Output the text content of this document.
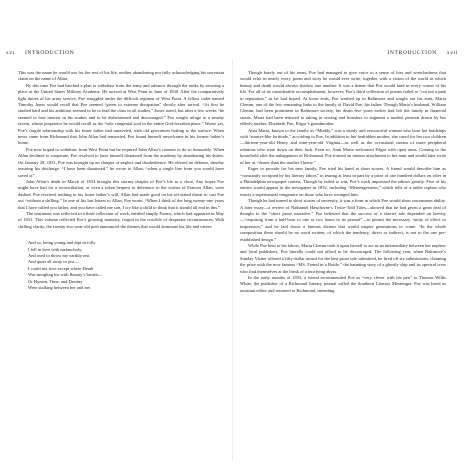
xvi INTRODUCTION

This was the name he would use for the rest of his life, neither abandoning nor fully acknowledging his uncertain claim on the name of Allan.

By this time Poe had hatched a plan to withdraw from the army and advance through the ranks by securing a place at the United States Military Academy. He arrived at West Point in June of 1830. After the comparatively light duties of his army service, Poe struggled under the difficult regimen of West Point. A fellow cadet named Timothy Jones would recall that Poe seemed “given to extreme dissipation” shortly after arrival. “At first he studied hard and his ambition seemed to be to lead the class in all studies,” Jones noted, but after a few weeks “he seemed to lose interest in his studies and to be disheartened and discouraged.” Poe sought refuge in a nearby tavern, whose proprietor he would recall as the “sole congenial soul in the entire God-forsaken place.” Worse yet, Poe’s fragile relationship with his foster father had unraveled, with old grievances boiling to the surface. When news came from Richmond that John Allan had remarried, Poe found himself unwelcome in his former father’s home.

Poe now hoped to withdraw from West Point but he required John Allan’s consent to do so honorably. When Allan declined to cooperate, Poe resolved to have himself dismissed from the academy by abandoning his duties. On January 28, 1831, Poe was brought up on charges of neglect and disobedience. He offered no defense, thereby assuring his discharge. “I have been dismissed,” he wrote to Allan, “when a single line from you would have saved it.”

John Allan’s death in March of 1834 brought this stormy chapter of Poe’s life to a close. Any hopes Poe might have had for a reconciliation, or even a token bequest in deference to the wishes of Frances Allan, were dashed. Poe received nothing in his foster father’s will. Allan had made good on his oft-stated threat to cast Poe out “without a shilling.” In one of his last letters to Allan, Poe wrote, “When I think of the long twenty-one years that I have called you father, and you have called me son, I cry like a child to think that it should all end in this.”

The sentiment was reflected in a third collection of work, entitled simply Poems, which had appeared in May of 1831. This volume reflected Poe’s growing maturity, forged in the crucible of desperate circumstances. With chilling clarity, the twenty-two-year-old poet announced the themes that would dominate his life and career:

And so, being young and dipt in folly
I fell in love with melancholy,
And used to throw my earthly rest
And quiet all away in jest—
I could not love except where Death
Was mingling his with Beauty’s breath—
Or Hymen, Time, and Destiny
Were stalking between her and me.
INTRODUCTION xvii

Though barely out of his teens, Poe had managed to give voice to a sense of loss and wretchedness that would echo in nearly every poem and story he would ever write, together with a vision of the world in which beauty and death would always shadow one another. It was a theme that Poe would land in every corner of his life. For all of its considerable accomplishment, however, Poe’s third collection of poems failed to “cut out a path to reputation,” as he had hoped. At loose ends, Poe washed up in Baltimore and sought out his aunt, Maria Clemm, one of the few remaining links to the family of David Poe, his father. Though Maria’s husband, William Clemm, had been prominent in Baltimore society, his death five years earlier had left the family in financial straits. Maria had been reduced to taking in sewing and boarders to augment a modest pension drawn by her elderly mother, Elizabeth Poe, Edgar’s grandmother.

Aunt Maria, known to the family as “Muddy,” was a sturdy and resourceful woman who bore her hardships with “martyr-like fortitude,” according to Poe. In addition to her bedridden mother, she cared for her two children—thirteen-year-old Henry and nine-year-old Virginia—as well as the occasional stream of more peripheral relations who were down on their luck. Even so, Aunt Maria welcomed Edgar with open arms. Coming to the household after the unhappiness of Richmond, Poe formed an intense attachment to her aunt and would later write of her as “dearer than the mother I knew.”

Eager to provide for his new family, Poe tried his hand at short stories. A friend would describe him as “constantly occupied by his literary labors” in tearing at least in part by a prize of one hundred dollars on offer in a Philadelphia newspaper contest. Though he failed to win, Poe’s work impressed the editors greatly. Five of his entries would appear in the newspaper in 1832, including “Metzengerstein,” which tells of a noble orphan who exacts a supernatural vengeance on those who have wronged him.

Though he had turned to short stories of necessity, it was a form in which Poe would show uncommon ability. A later essay—a review of Nathaniel Hawthorne’s Twice-Told Tales—showed that he had given a great deal of thought to the “short prose narrative.” Poe believed that the success of a shorter tale depended on brevity—“requiring from a half-hour to one or two hours in its perusal”—to permit the necessary “unity of effect or impression,” and he laid down a famous dictum that would inspire generations to come. “In the whole composition there should be no word written, of which the tendency, direct or indirect, is not to the one pre-established design.”

While Poe bent to his labors, Maria Clemm took it upon herself to act as an intermediary between her nephew and local publishers. Poe literally could not afford to be discouraged. The following year, when Baltimore’s Sunday Visiter offered a fifty-dollar award for the best prose tale submitted, he fired off six submissions, claiming the prize with the now famous “MS. Found in a Bottle,” the haunting story of a ghostly ship and its spectral crew who find themselves at the brink of a terrifying abyss.

In the early months of 1835, a friend recommended Poe as “very clever with his pen” to Thomas Willis White, the publisher of a Richmond literary journal called the Southern Literary Messenger. Poe was hired as assistant editor and returned to Richmond, intending
